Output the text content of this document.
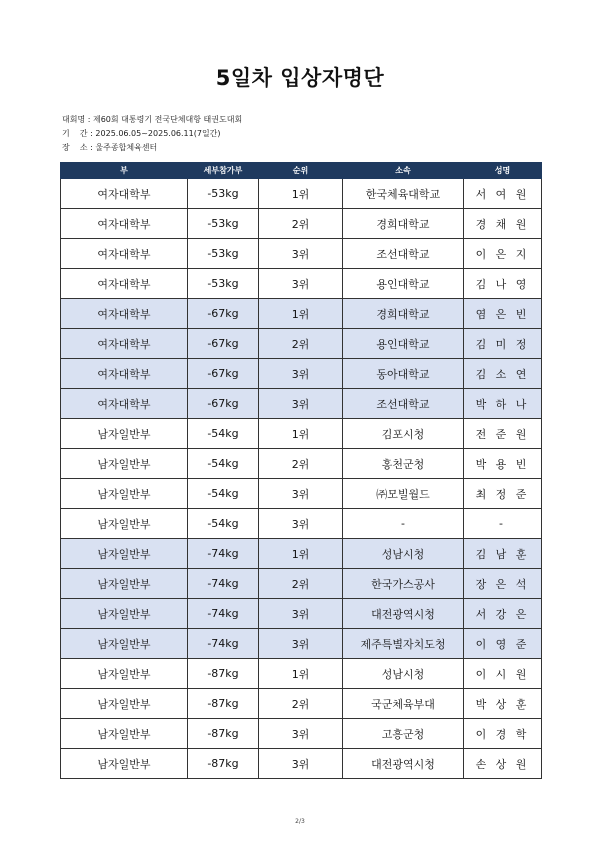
5일차 입상자명단
대회명 : 제60회 대통령기 전국단체대항 태권도대회
기    간 : 2025.06.05~2025.06.11(7일간)
장    소 : 울주종합체육센터
부	세부참가부	순위	소속	성명
여자대학부	-53kg	1위	한국체육대학교	서 여 원
여자대학부	-53kg	2위	경희대학교	경 채 원
여자대학부	-53kg	3위	조선대학교	이 은 지
여자대학부	-53kg	3위	용인대학교	김 나 영
여자대학부	-67kg	1위	경희대학교	염 은 빈
여자대학부	-67kg	2위	용인대학교	김 미 정
여자대학부	-67kg	3위	동아대학교	김 소 연
여자대학부	-67kg	3위	조선대학교	박 하 나
남자일반부	-54kg	1위	김포시청	전 준 원
남자일반부	-54kg	2위	홍천군청	박 용 빈
남자일반부	-54kg	3위	㈜모빌월드	최 정 준
남자일반부	-54kg	3위	-	-
남자일반부	-74kg	1위	성남시청	김 남 훈
남자일반부	-74kg	2위	한국가스공사	장 은 석
남자일반부	-74kg	3위	대전광역시청	서 강 은
남자일반부	-74kg	3위	제주특별자치도청	이 영 준
남자일반부	-87kg	1위	성남시청	이 시 원
남자일반부	-87kg	2위	국군체육부대	박 상 훈
남자일반부	-87kg	3위	고흥군청	이 경 학
남자일반부	-87kg	3위	대전광역시청	손 상 원
2/3
